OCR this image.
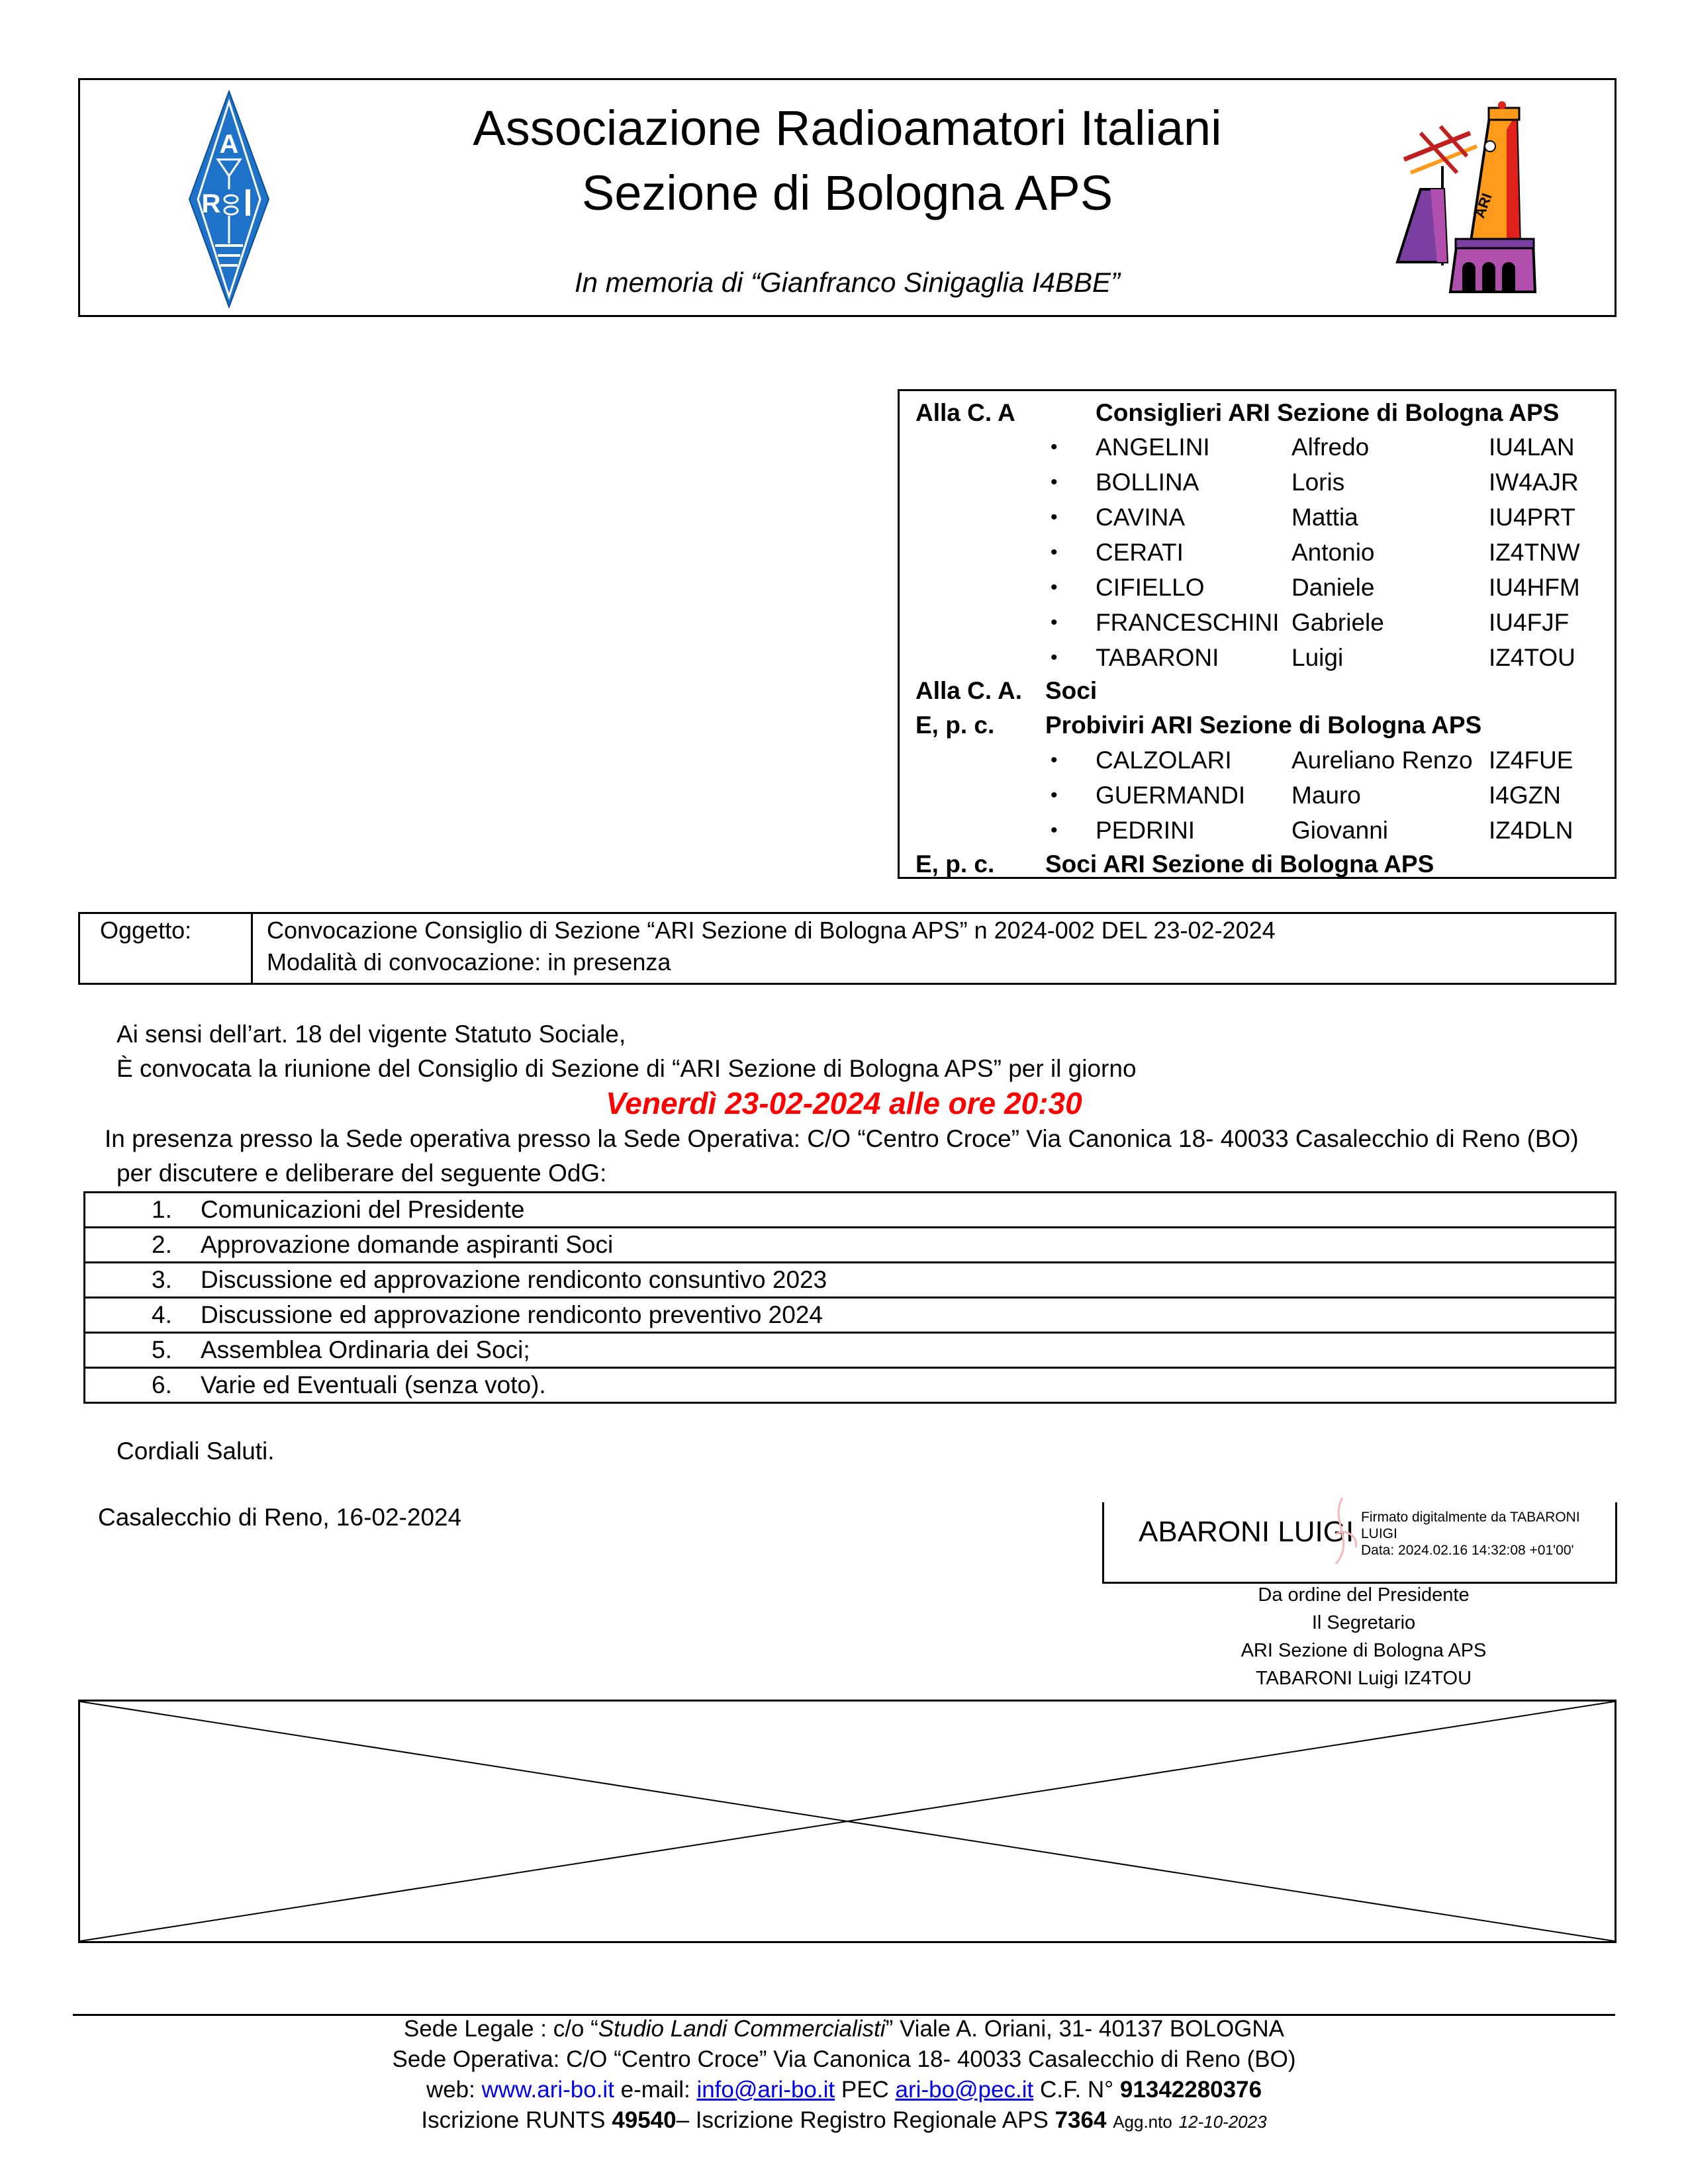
A
R
Associazione Radioamatori Italiani
Sezione di Bologna APS
In memoria di “Gianfranco Sinigaglia I4BBE”
ARI
Alla C. A	Consiglieri ARI Sezione di Bologna APS
• ANGELINI	Alfredo	IU4LAN
• BOLLINA	Loris	IW4AJR
• CAVINA	Mattia	IU4PRT
• CERATI	Antonio	IZ4TNW
• CIFIELLO	Daniele	IU4HFM
• FRANCESCHINI Gabriele	IU4FJF
• TABARONI	Luigi	IZ4TOU
Alla C. A. Soci
E, p. c. Probiviri ARI Sezione di Bologna APS
• CALZOLARI Aureliano Renzo IZ4FUE
• GUERMANDI Mauro	I4GZN
• PEDRINI	Giovanni	IZ4DLN
E, p. c. Soci ARI Sezione di Bologna APS
Oggetto:	Convocazione Consiglio di Sezione “ARI Sezione di Bologna APS” n 2024-002 DEL 23-02-2024
Modalità di convocazione: in presenza
Ai sensi dell’art. 18 del vigente Statuto Sociale,
È convocata la riunione del Consiglio di Sezione di “ARI Sezione di Bologna APS” per il giorno
Venerdì 23-02-2024 alle ore 20:30
In presenza presso la Sede operativa presso la Sede Operativa: C/O “Centro Croce” Via Canonica 18- 40033 Casalecchio di Reno (BO)
per discutere e deliberare del seguente OdG:
1. Comunicazioni del Presidente
2. Approvazione domande aspiranti Soci
3. Discussione ed approvazione rendiconto consuntivo 2023
4. Discussione ed approvazione rendiconto preventivo 2024
5. Assemblea Ordinaria dei Soci;
6. Varie ed Eventuali (senza voto).
Cordiali Saluti.
Casalecchio di Reno, 16-02-2024	ABARONI LUIGI Firmato digitalmente da TABARONI
LUIGI
Data: 2024.02.16 14:32:08 +01'00'
Da ordine del Presidente
Il Segretario
ARI Sezione di Bologna APS
TABARONI Luigi IZ4TOU
Sede Legale : c/o “Studio Landi Commercialisti” Viale A. Oriani, 31- 40137 BOLOGNA
Sede Operativa: C/O “Centro Croce” Via Canonica 18- 40033 Casalecchio di Reno (BO)
web: www.ari-bo.it e-mail: info@ari-bo.it PEC ari-bo@pec.it C.F. N° 91342280376
Iscrizione RUNTS 49540– Iscrizione Registro Regionale APS 7364 Agg.nto 12-10-2023
